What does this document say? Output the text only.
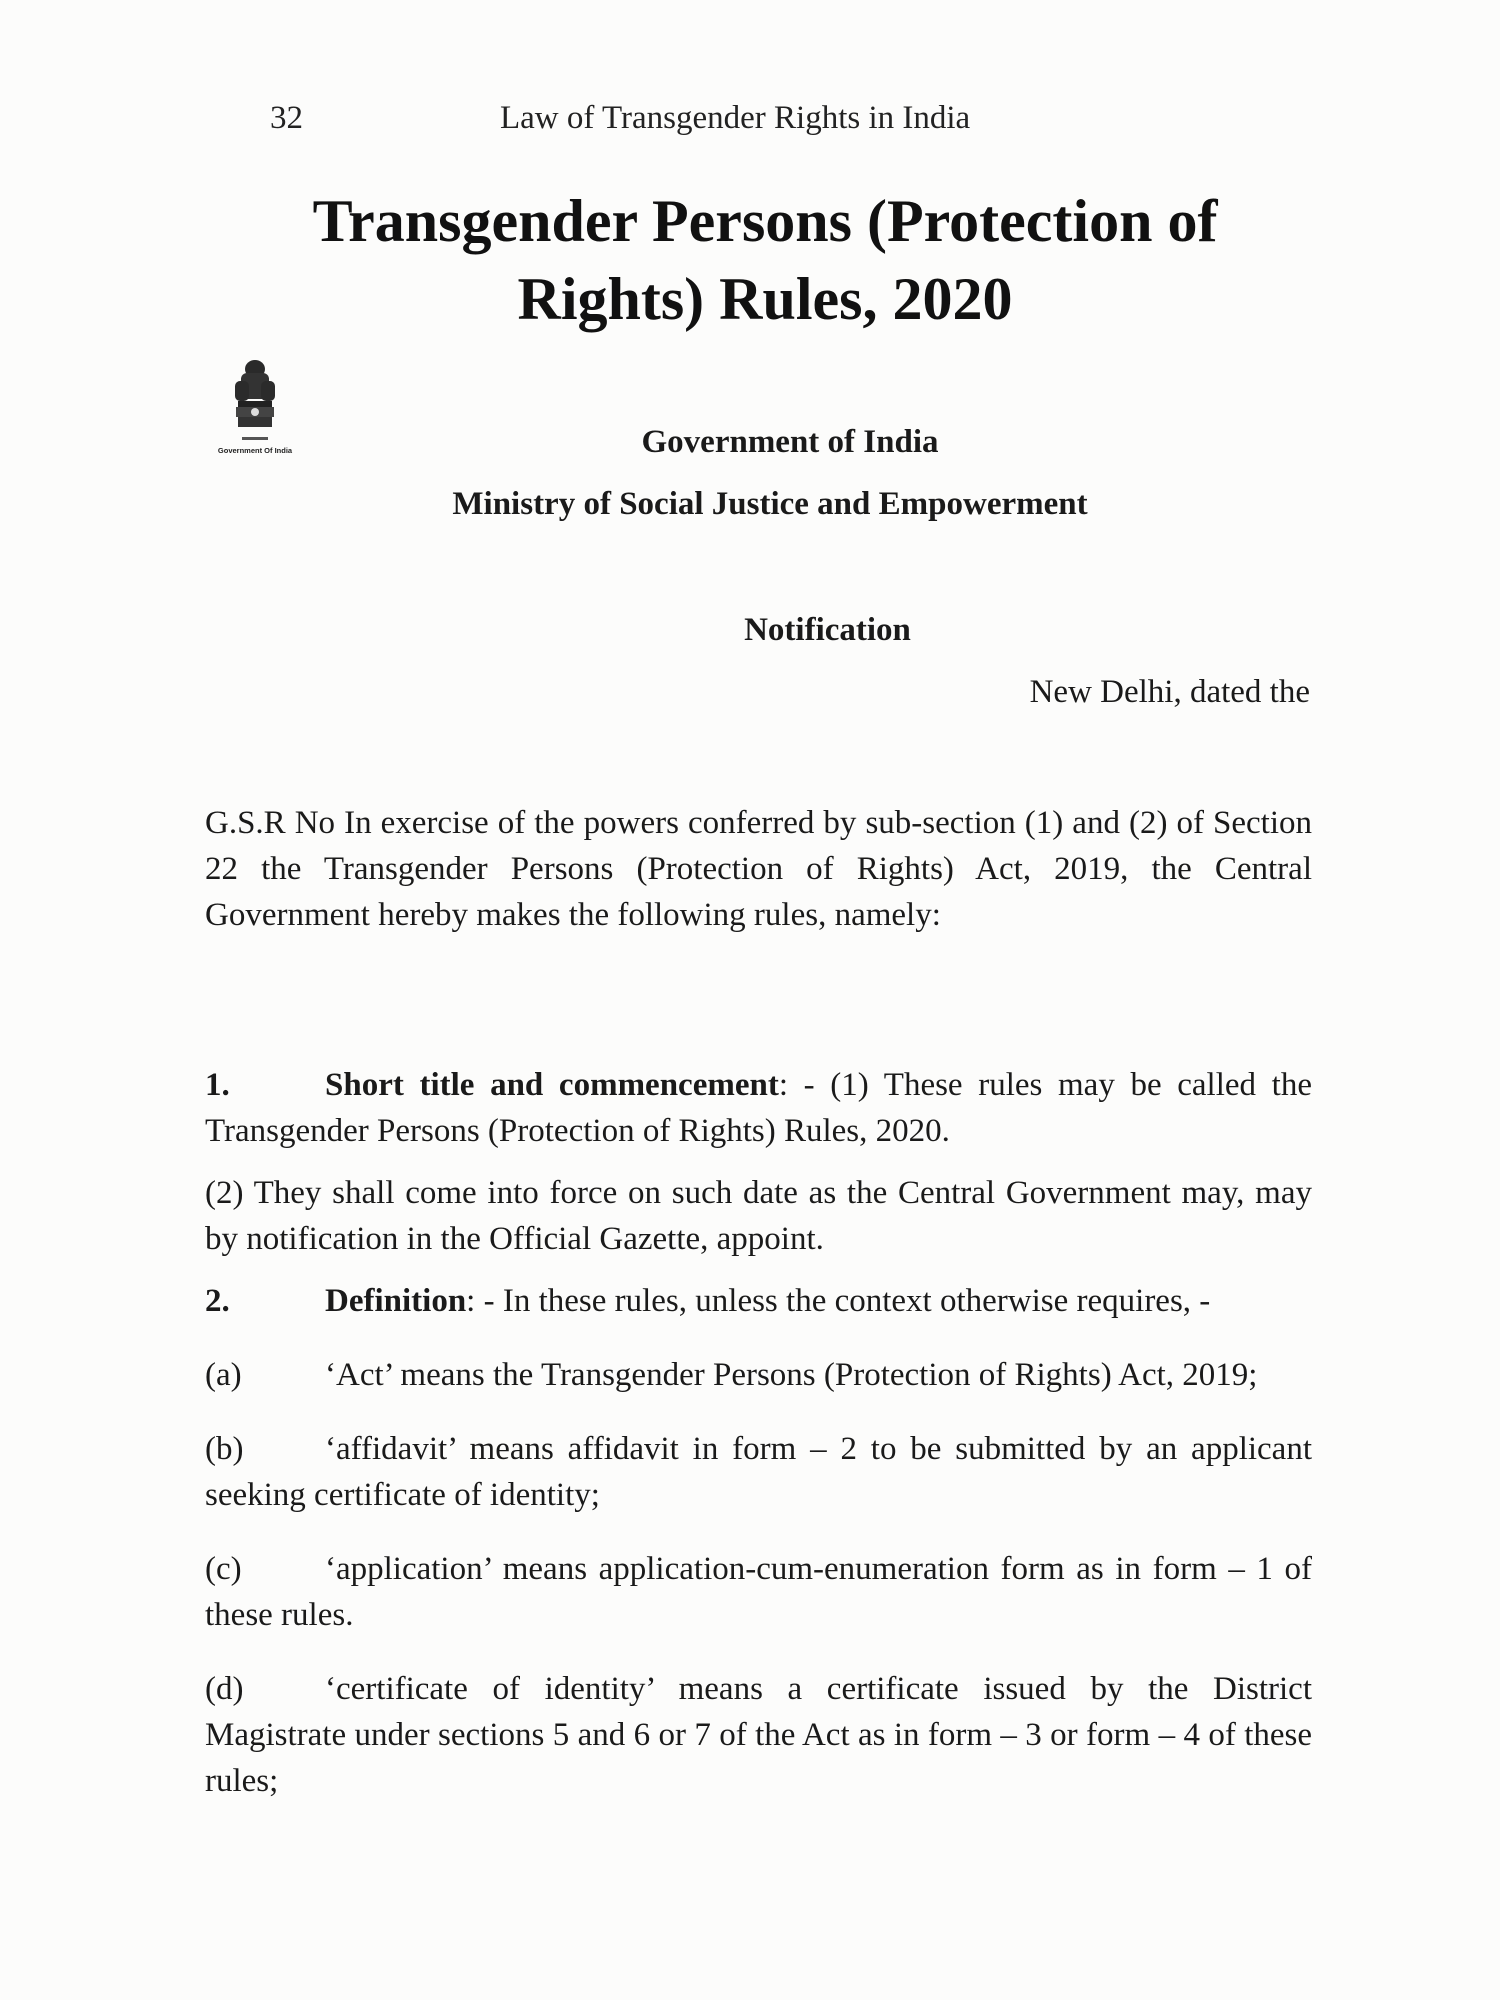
32	Law of Transgender Rights in India
Transgender Persons (Protection of
Rights) Rules, 2020
Government Of India	Government of India
Ministry of Social Justice and Empowerment
Notification
New Delhi, dated the
G.S.R No In exercise of the powers conferred by sub-section (1) and (2) of Section 22 the Transgender Persons (Protection of Rights) Act, 2019, the Central Government hereby makes the following rules, namely:

1.	Short title and commencement: - (1) These rules may be called the Transgender Persons (Protection of Rights) Rules, 2020.

(2) They shall come into force on such date as the Central Government may, may by notification in the Official Gazette, appoint.

2.	Definition: - In these rules, unless the context otherwise requires, -

(a)	‘Act’ means the Transgender Persons (Protection of Rights) Act, 2019;

(b) ‘affidavit’ means affidavit in form – 2 to be submitted by an applicant seeking certificate of identity;

(c)	‘application’ means application-cum-enumeration form as in form – 1 of these rules.

(d) ‘certificate of identity’ means a certificate issued by the District Magistrate under sections 5 and 6 or 7 of the Act as in form – 3 or form – 4 of these rules;
